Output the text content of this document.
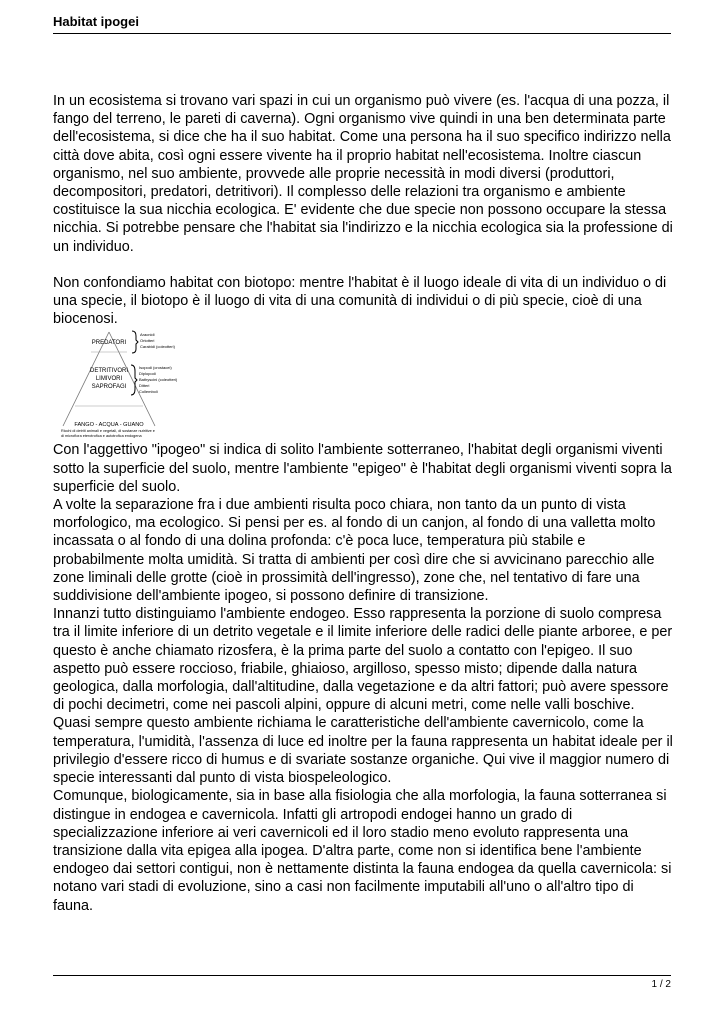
Habitat ipogei

In un ecosistema si trovano vari spazi in cui un organismo può vivere (es. l'acqua di una pozza, il fango del terreno, le pareti di caverna). Ogni organismo vive quindi in una ben determinata parte dell'ecosistema, si dice che ha il suo habitat. Come una persona ha il suo specifico indirizzo nella città dove abita, così ogni essere vivente ha il proprio habitat nell'ecosistema. Inoltre ciascun organismo, nel suo ambiente, provvede alle proprie necessità in modi diversi (produttori, decompositori, predatori, detritivori). Il complesso delle relazioni tra organismo e ambiente costituisce la sua nicchia ecologica. E' evidente che due specie non possono occupare la stessa nicchia. Si potrebbe pensare che l'habitat sia l'indirizzo e la nicchia ecologica sia la professione di un individuo.

Non confondiamo habitat con biotopo: mentre l'habitat è il luogo ideale di vita di un individuo o di una specie, il biotopo è il luogo di vita di una comunità di individui o di più specie, cioè di una biocenosi.

PREDATORI
DETRITIVORI
LIMIVORI
SAPROFAGI
FANGO - ACQUA - GUANO
Aracnidi
Ortotteri
Carabidi (coleotteri)
Isopodi (crostacei)
Diplopodi
Bathyscini (coleotteri)
Ditteri
Collemboli
Ricchi di detriti animali e vegetali, di sostanze nutritive e
di microflora eterotrofica e autotrofica endogena

Con l'aggettivo "ipogeo" si indica di solito l'ambiente sotterraneo, l'habitat degli organismi viventi sotto la superficie del suolo, mentre l'ambiente "epigeo" è l'habitat degli organismi viventi sopra la superficie del suolo.

A volte la separazione fra i due ambienti risulta poco chiara, non tanto da un punto di vista morfologico, ma ecologico. Si pensi per es. al fondo di un canjon, al fondo di una valletta molto incassata o al fondo di una dolina profonda: c'è poca luce, temperatura più stabile e probabilmente molta umidità. Si tratta di ambienti per così dire che si avvicinano parecchio alle zone liminali delle grotte (cioè in prossimità dell'ingresso), zone che, nel tentativo di fare una suddivisione dell'ambiente ipogeo, si possono definire di transizione.

Innanzi tutto distinguiamo l'ambiente endogeo. Esso rappresenta la porzione di suolo compresa tra il limite inferiore di un detrito vegetale e il limite inferiore delle radici delle piante arboree, e per questo è anche chiamato rizosfera, è la prima parte del suolo a contatto con l'epigeo. Il suo aspetto può essere roccioso, friabile, ghiaioso, argilloso, spesso misto; dipende dalla natura geologica, dalla morfologia, dall'altitudine, dalla vegetazione e da altri fattori; può avere spessore di pochi decimetri, come nei pascoli alpini, oppure di alcuni metri, come nelle valli boschive.

Quasi sempre questo ambiente richiama le caratteristiche dell'ambiente cavernicolo, come la temperatura, l'umidità, l'assenza di luce ed inoltre per la fauna rappresenta un habitat ideale per il privilegio d'essere ricco di humus e di svariate sostanze organiche. Qui vive il maggior numero di specie interessanti dal punto di vista biospeleologico.

Comunque, biologicamente, sia in base alla fisiologia che alla morfologia, la fauna sotterranea si distingue in endogea e cavernicola. Infatti gli artropodi endogei hanno un grado di specializzazione inferiore ai veri cavernicoli ed il loro stadio meno evoluto rappresenta una transizione dalla vita epigea alla ipogea. D'altra parte, come non si identifica bene l'ambiente endogeo dai settori contigui, non è nettamente distinta la fauna endogea da quella cavernicola: si notano vari stadi di evoluzione, sino a casi non facilmente imputabili all'uno o all'altro tipo di fauna.

1 / 2
